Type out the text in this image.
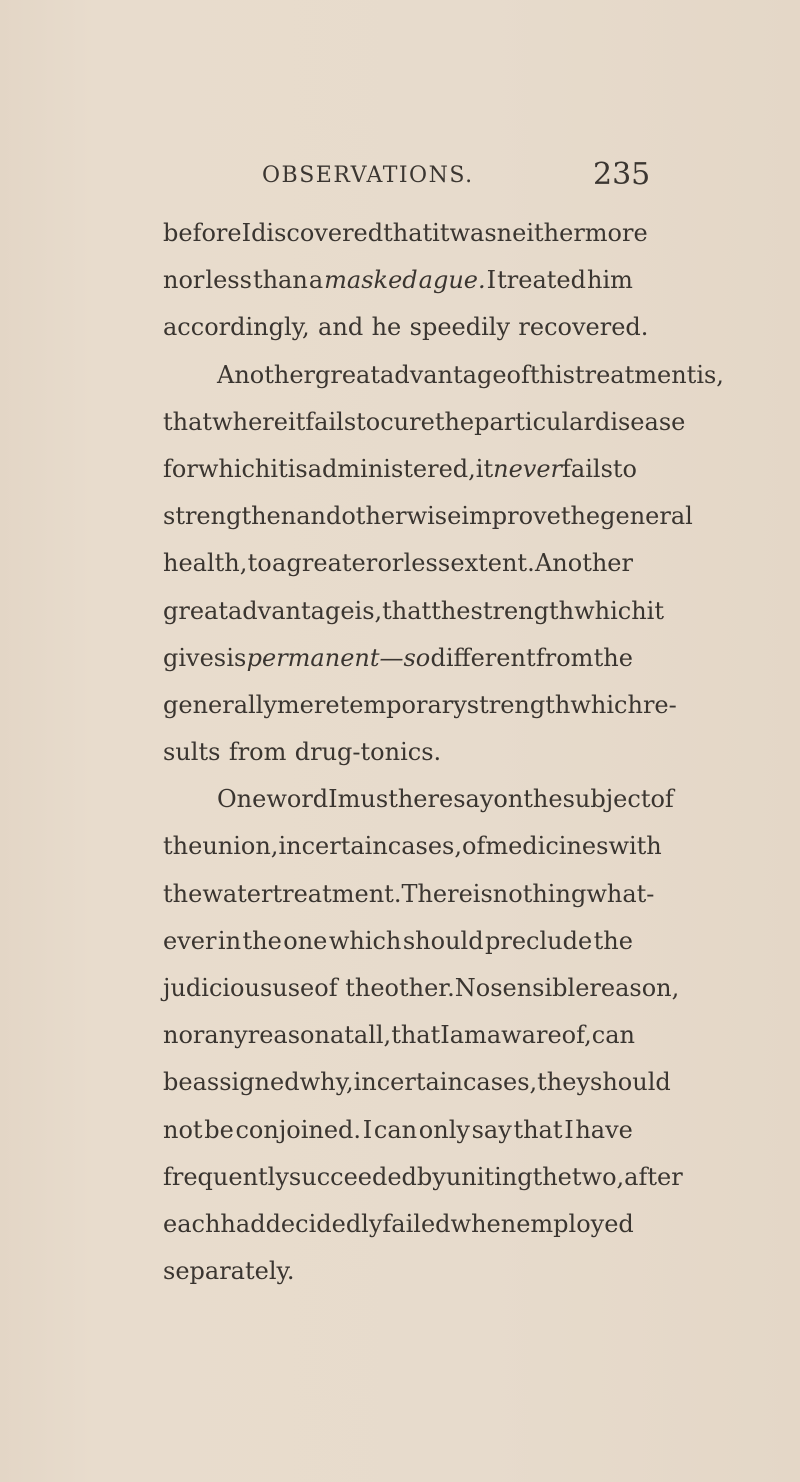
OBSERVATIONS.	235
before I discovered that it was neither more
nor less than a masked ague. I treated him
accordingly, and he speedily recovered.
Another great advantage of this treatment is,
that where it fails to cure the particular disease
for which it is administered, it never fails to
strengthen and otherwise improve the general
health, to a greater or less extent. Another
great advantage is, that the strength which it
gives is permanent—so different from the
generally mere temporary strength which re-
sults from drug-tonics.
One word I must here say on the subject of
the union, in certain cases, of medicines with
the water treatment. There is nothing what-
ever in the one which should preclude the
judicious use of the other. No sensible reason,
nor any reason at all, that I am aware of, can
be assigned why, in certain cases, they should
not be conjoined. I can only say that I have
frequently succeeded by uniting the two, after
each had decidedly failed when employed
separately.
